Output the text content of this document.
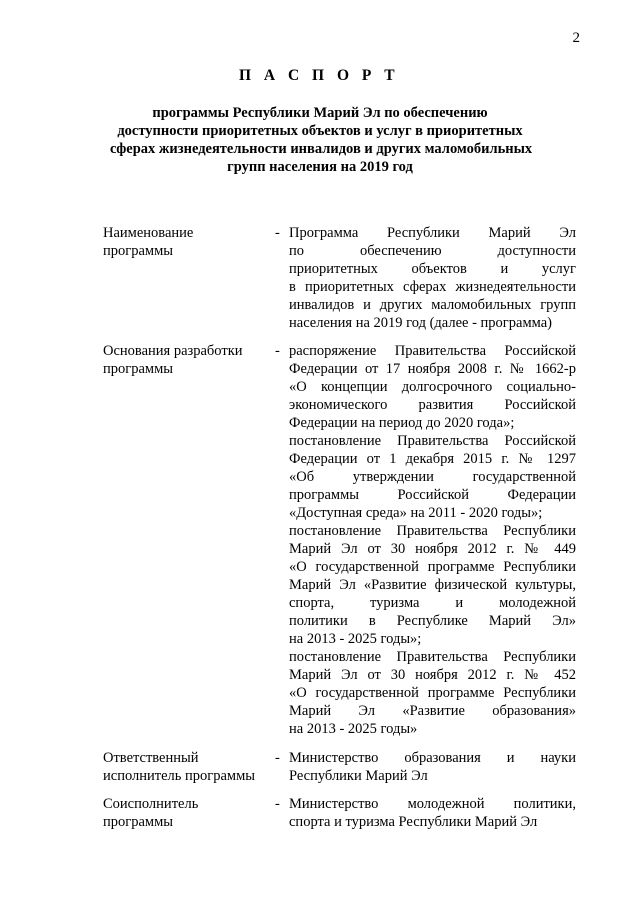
2
П А С П О Р Т
программы Республики Марий Эл по обеспечению
доступности приоритетных объектов и услуг в приоритетных
сферах жизнедеятельности инвалидов и других маломобильных
групп населения на 2019 год
Наименование
программы
- Программа Республики Марий Эл
по обеспечению доступности
приоритетных объектов и услуг
в приоритетных сферах жизнедеятельности
инвалидов и других маломобильных групп
населения на 2019 год (далее - программа)
Основания разработки
программы
- распоряжение Правительства Российской
Федерации от 17 ноября 2008 г. № 1662-р
«О концепции долгосрочного социально-
экономического развития Российской
Федерации на период до 2020 года»;
постановление Правительства Российской
Федерации от 1 декабря 2015 г. № 1297
«Об утверждении государственной
программы Российской Федерации
«Доступная среда» на 2011 - 2020 годы»;
постановление Правительства Республики
Марий Эл от 30 ноября 2012 г. № 449
«О государственной программе Республики
Марий Эл «Развитие физической культуры,
спорта, туризма и молодежной
политики в Республике Марий Эл»
на 2013 - 2025 годы»;
постановление Правительства Республики
Марий Эл от 30 ноября 2012 г. № 452
«О государственной программе Республики
Марий Эл «Развитие образования»
на 2013 - 2025 годы»
Ответственный
исполнитель программы
- Министерство образования и науки
Республики Марий Эл
Соисполнитель
программы
- Министерство молодежной политики,
спорта и туризма Республики Марий Эл
